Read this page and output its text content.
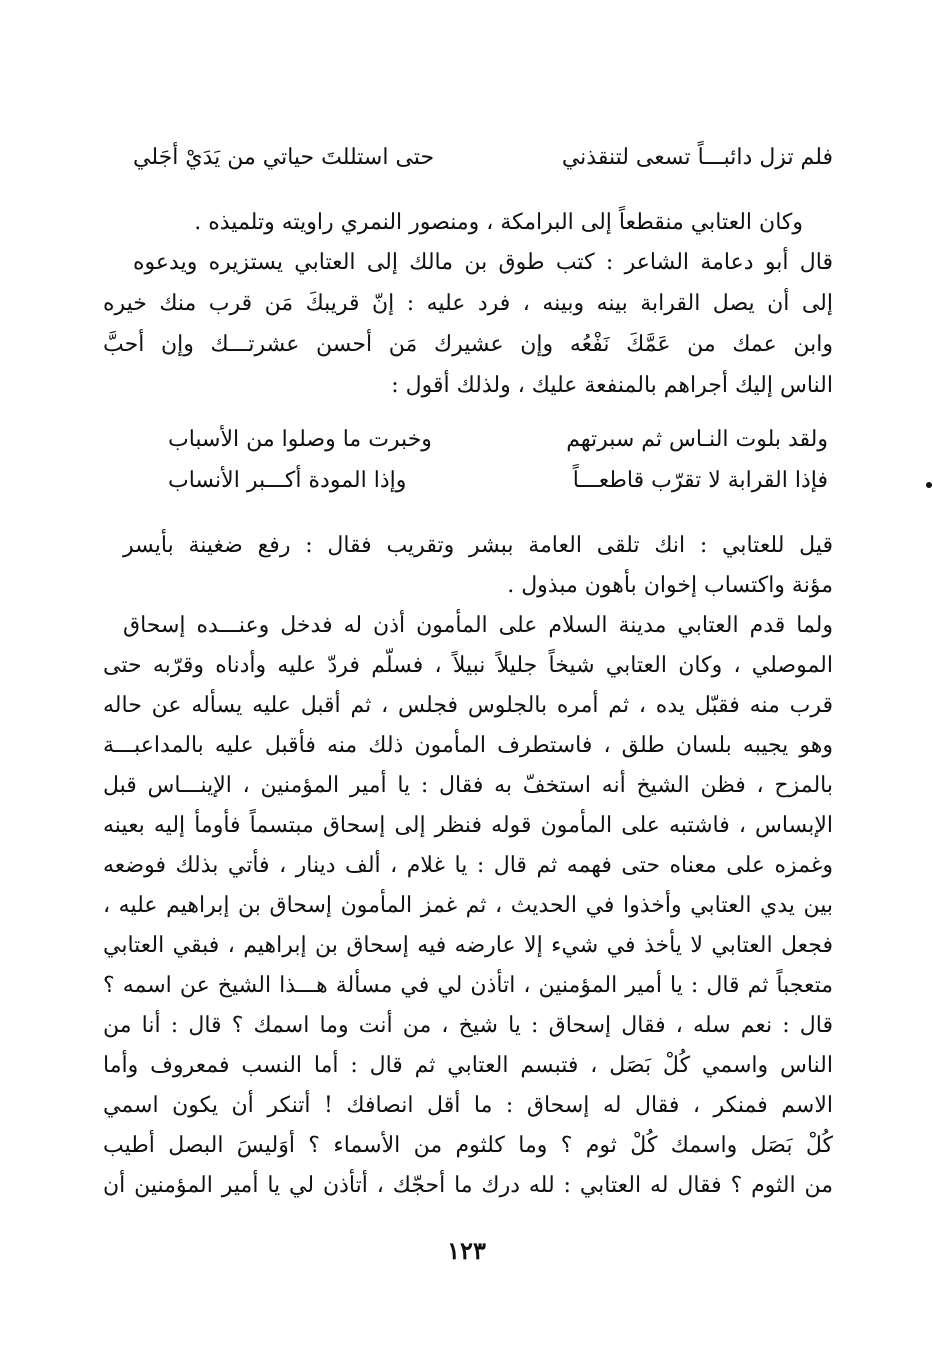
فلم تزل دائبـــاً تسعى لتنقذني
حتى استللتَ حياتي من يَدَيْ أجَلي
وكان العتابي منقطعاً إلى البرامكة ، ومنصور النمري راويته وتلميذه .
قال أبو دعامة الشاعر : كتب طوق بن مالك إلى العتابي يستزيره ويدعوه
إلى أن يصل القرابة بينه وبينه ، فرد عليه : إنّ قريبكَ مَن قرب منك خيره
وابن عمك من عَمَّكَ نَفْعُه وإن عشيرك مَن أحسن عشرتـــك وإن أحبَّ
الناس إليك أجراهم بالمنفعة عليك ، ولذلك أقول :
ولقد بلوت النـاس ثم سبرتهم
وخبرت ما وصلوا من الأسباب
فإذا القرابة لا تقرّب قاطعـــاً
وإذا المودة أكـــبر الأنساب
قيل للعتابي : انك تلقى العامة ببشر وتقريب فقال : رفع ضغينة بأيسر
مؤنة واكتساب إخوان بأهون مبذول .
ولما قدم العتابي مدينة السلام على المأمون أذن له فدخل وعنـــده إسحاق
الموصلي ، وكان العتابي شيخاً جليلاً نبيلاً ، فسلّم فردّ عليه وأدناه وقرّبه حتى
قرب منه فقبّل يده ، ثم أمره بالجلوس فجلس ، ثم أقبل عليه يسأله عن حاله
وهو يجيبه بلسان طلق ، فاستطرف المأمون ذلك منه فأقبل عليه بالمداعبـــة
بالمزح ، فظن الشيخ أنه استخفّ به فقال : يا أمير المؤمنين ، الإينـــاس قبل
الإبساس ، فاشتبه على المأمون قوله فنظر إلى إسحاق مبتسماً فأومأ إليه بعينه
وغمزه على معناه حتى فهمه ثم قال : يا غلام ، ألف دينار ، فأتي بذلك فوضعه
بين يدي العتابي وأخذوا في الحديث ، ثم غمز المأمون إسحاق بن إبراهيم عليه ،
فجعل العتابي لا يأخذ في شيء إلا عارضه فيه إسحاق بن إبراهيم ، فبقي العتابي
متعجباً ثم قال : يا أمير المؤمنين ، اتأذن لي في مسألة هـــذا الشيخ عن اسمه ؟
قال : نعم سله ، فقال إسحاق : يا شيخ ، من أنت وما اسمك ؟ قال : أنا من
الناس واسمي كُلْ بَصَل ، فتبسم العتابي ثم قال : أما النسب فمعروف وأما
الاسم فمنكر ، فقال له إسحاق : ما أقل انصافك ! أتنكر أن يكون اسمي
كُلْ بَصَل واسمك كُلْ ثوم ؟ وما كلثوم من الأسماء ؟ أوَليسَ البصل أطيب
من الثوم ؟ فقال له العتابي : لله درك ما أحجّك ، أتأذن لي يا أمير المؤمنين أن
١٢٣
